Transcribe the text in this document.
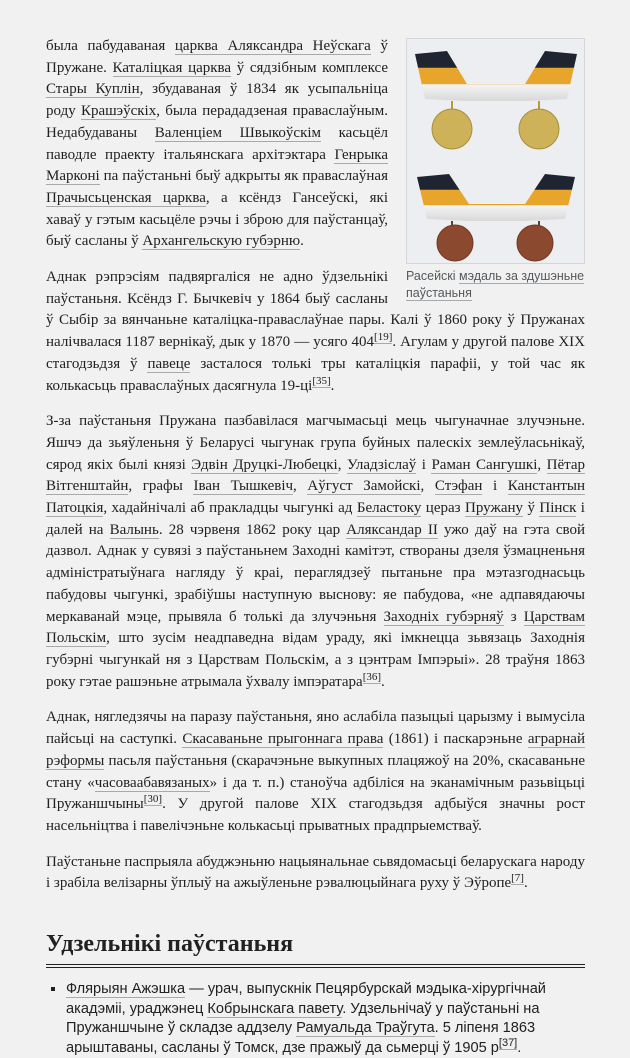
Расейскі мэдаль за здушэньне паўстаньня

была пабудаваная царква Аляксандра Неўскага ў Пружане. Каталіцкая царква ў сядзібным комплексе Стары Куплін, збудаваная ў 1834 як усыпальніца роду Крашэўскіх, была перададзеная праваслаўным. Недабудаваны Валенціем Швыкоўскім касьцёл паводле праекту італьянскага архітэктара Генрыка Марконі па паўстаньні быў адкрыты як праваслаўная Прачысьценская царква, а ксёндз Гансеўскі, які хаваў у гэтым касьцёле рэчы і зброю для паўстанцаў, быў сасланы ў Архангельскую губэрню.

Аднак рэпрэсіям падвяргаліся не адно ўдзельнікі паўстаньня. Ксёндз Г. Бычкевіч у 1864 быў сасланы ў Сыбір за вянчаньне каталіцка-праваслаўнае пары. Калі ў 1860 року ў Пружанах налічвалася 1187 вернікаў, дык у 1870 — усяго 404[19]. Агулам у другой палове XIX стагодзьдзя ў павеце засталося толькі тры каталіцкія парафіі, у той час як колькасьць праваслаўных дасягнула 19-ці[35].

З-за паўстаньня Пружана пазбавілася магчымасьці мець чыгуначнае злучэньне. Яшчэ да зьяўленьня ў Беларусі чыгунак група буйных палескіх землеўласьнікаў, сярод якіх былі князі Эдвін Друцкі-Любецкі, Уладзіслаў і Раман Сангушкі, Пётар Вітгенштайн, графы Іван Тышкевіч, Аўгуст Замойскі, Стэфан і Канстантын Патоцкія, хадайнічалі аб пракладцы чыгункі ад Беластоку цераз Пружану ў Пінск і далей на Валынь. 28 чэрвеня 1862 року цар Аляксандар II ужо даў на гэта свой дазвол. Аднак у сувязі з паўстаньнем Заходні камітэт, створаны дзеля ўзмацненьня адміністратыўнага нагляду ў краі, пераглядзеў пытаньне пра мэтазгоднасьць пабудовы чыгункі, зрабіўшы наступную выснову: яе пабудова, «не адпавядаючы меркаванай мэце, прывяла б толькі да злучэньня Заходніх губэрняў з Царствам Польскім, што зусім неадпаведна відам ураду, які імкнецца зьвязаць Заходнія губэрні чыгункай ня з Царствам Польскім, а з цэнтрам Імпэрыі». 28 траўня 1863 року гэтае рашэньне атрымала ўхвалу імпэратара[36].

Аднак, нягледзячы на паразу паўстаньня, яно аслабіла пазыцыі царызму і вымусіла пайсьці на саступкі. Скасаваньне прыгоннага права (1861) і паскарэньне аграрнай рэформы пасьля паўстаньня (скарачэньне выкупных плацяжоў на 20%, скасаваньне стану «часоваабавязаных» і да т. п.) станоўча адбіліся на эканамічным разьвіцьці Пружаншчыны[30]. У другой палове XIX стагодзьдзя адбыўся значны рост насельніцтва і павелічэньне колькасьці прыватных прадпрыемстваў.

Паўстаньне паспрыяла абуджэньню нацыянальнае сьвядомасьці беларускага народу і зрабіла велізарны ўплыў на ажыўленьне рэвалюцыйнага руху ў Эўропе[7].

Удзельнікі паўстаньня
▪ Флярыян Ажэшка — урач, выпускнік Пецярбурскай мэдыка-хірургічнай акадэміі, ураджэнец Кобрынскага павету. Удзельнічаў у паўстаньні на Пружаншчыне ў складзе аддзелу Рамуальда Траўгута. 5 ліпеня 1863 арыштаваны, сасланы ў Томск, дзе пражыў да сьмерці ў 1905 р[37].
